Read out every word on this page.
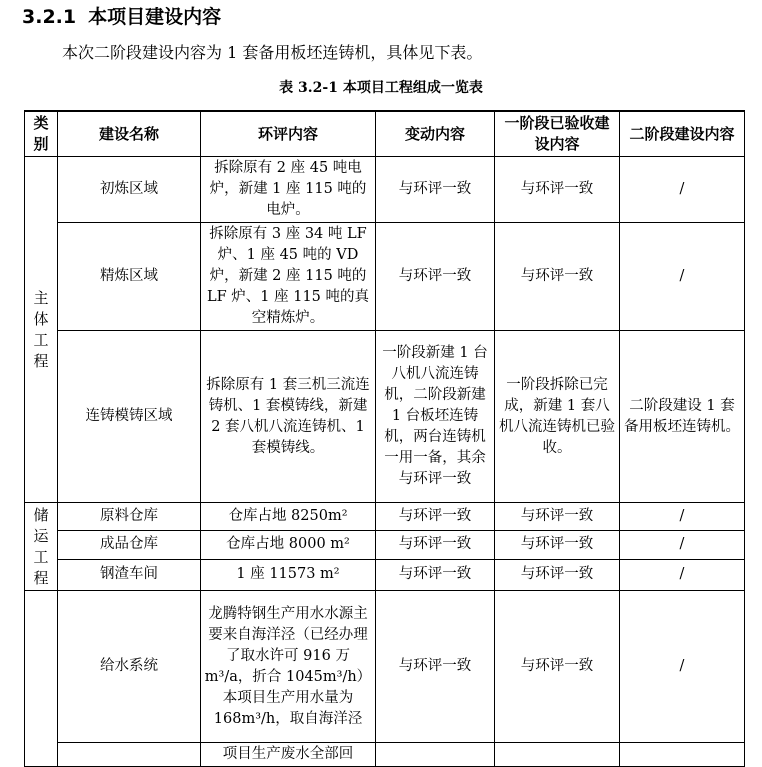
3.2.1 本项目建设内容
本次二阶段建设内容为 1 套备用板坯连铸机，具体见下表。
表 3.2-1 本项目工程组成一览表
类别	建设名称	环评内容	变动内容	一阶段已验收建设内容	二阶段建设内容

主体工程	初炼区域	拆除原有 2 座 45 吨电炉，新建 1 座 115 吨的电炉。	与环评一致	与环评一致	/
	精炼区域	拆除原有 3 座 34 吨 LF 炉、1 座 45 吨的 VD 炉，新建 2 座 115 吨的 LF 炉、1 座 115 吨的真空精炼炉。	与环评一致	与环评一致	/
	连铸模铸区域	拆除原有 1 套三机三流连铸机、1 套模铸线，新建 2 套八机八流连铸机、1 套模铸线。	一阶段新建 1 台八机八流连铸机，二阶段新建 1 台板坯连铸机，两台连铸机一用一备，其余与环评一致	一阶段拆除已完成，新建 1 套八机八流连铸机已验收。	二阶段建设 1 套备用板坯连铸机。

储运工程	原料仓库	仓库占地 8250m²	与环评一致	与环评一致	/
	成品仓库	仓库占地 8000 m²	与环评一致	与环评一致	/
	钢渣车间	1 座 11573 m²	与环评一致	与环评一致	/
	给水系统	龙腾特钢生产用水水源主要来自海洋泾（已经办理了取水许可 916 万 m³/a，折合 1045m³/h）本项目生产用水量为 168m³/h，取自海洋泾	与环评一致	与环评一致	/
		项目生产废水全部回			
